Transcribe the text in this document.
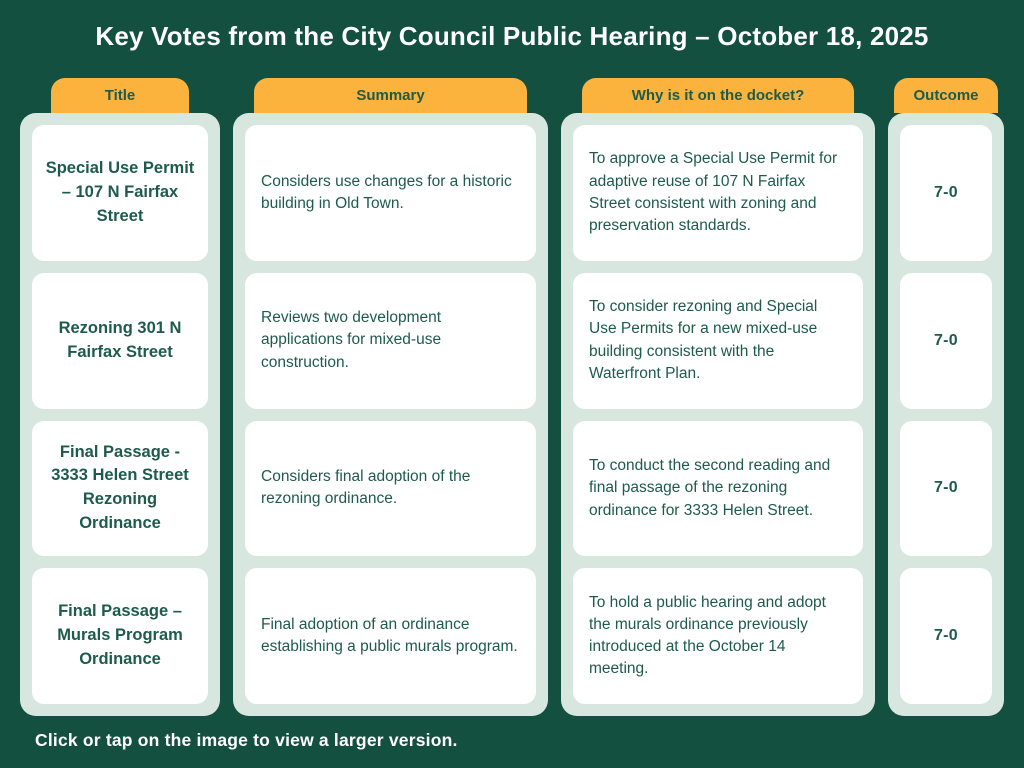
Key Votes from the City Council Public Hearing – October 18, 2025
Title
Special Use Permit – 107 N Fairfax Street
Rezoning 301 N Fairfax Street
Final Passage - 3333 Helen Street Rezoning Ordinance
Final Passage – Murals Program Ordinance
Summary
Considers use changes for a historic building in Old Town.
Reviews two development applications for mixed-use construction.
Considers final adoption of the rezoning ordinance.
Final adoption of an ordinance establishing a public murals program.
Why is it on the docket?
To approve a Special Use Permit for adaptive reuse of 107 N Fairfax Street consistent with zoning and preservation standards.
To consider rezoning and Special Use Permits for a new mixed-use building consistent with the Waterfront Plan.
To conduct the second reading and final passage of the rezoning ordinance for 3333 Helen Street.
To hold a public hearing and adopt the murals ordinance previously introduced at the October 14 meeting.
Outcome
7-0
7-0
7-0
7-0
Click or tap on the image to view a larger version.
